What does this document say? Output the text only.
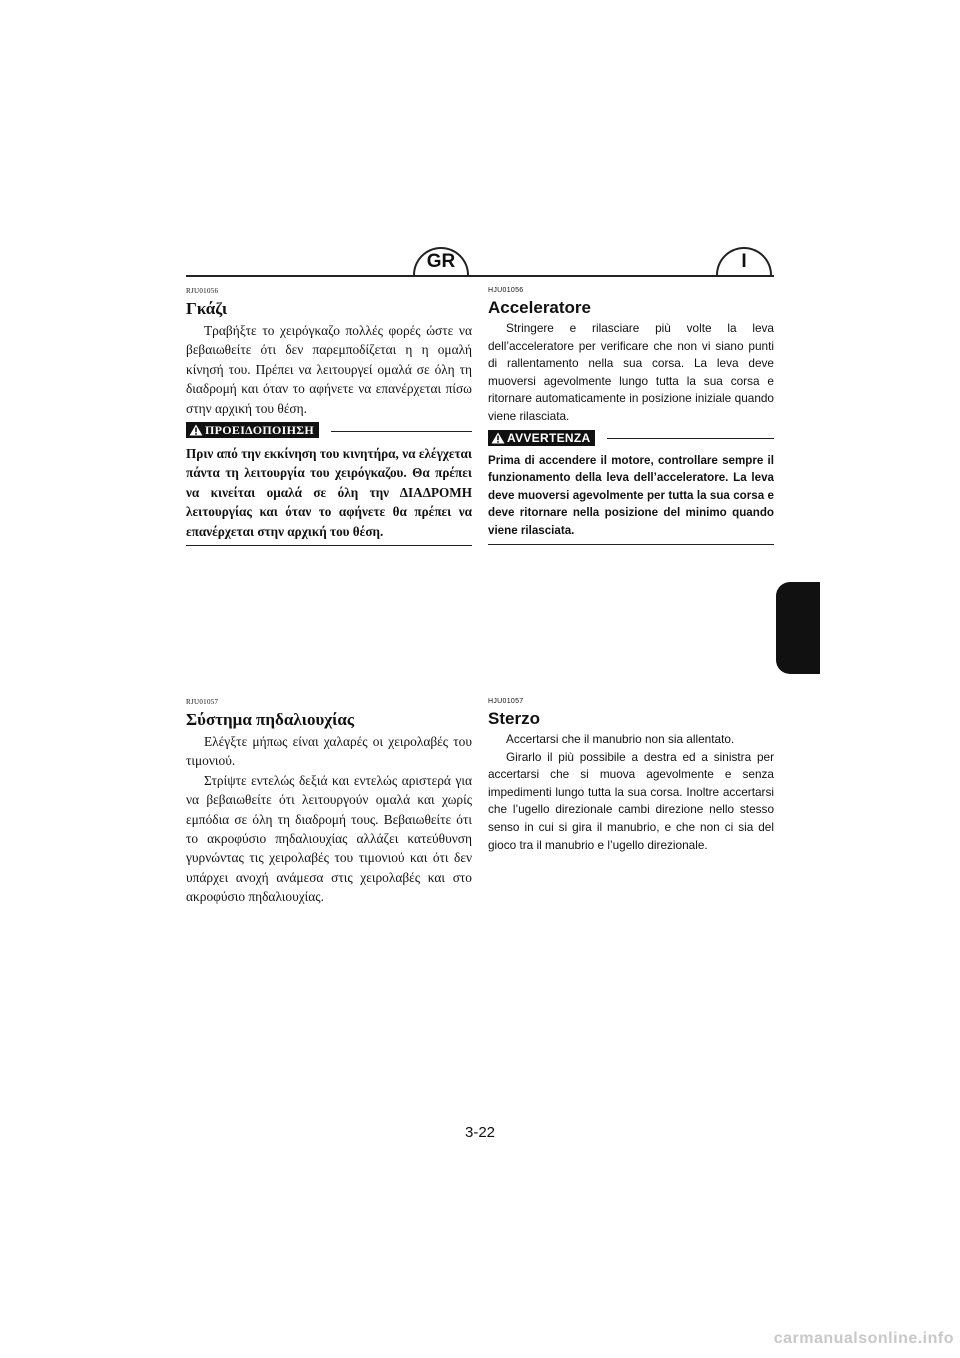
GR	I
RJU01056
Γκάζι

Τραβήξτε το χειρόγκαζο πολλές φορές ώστε να βεβαιωθείτε ότι δεν παρεμποδίζεται η η ομαλή κίνησή του. Πρέπει να λειτουργεί ομαλά σε όλη τη διαδρομή και όταν το αφήνετε να επανέρχεται πίσω στην αρχική του θέση.

ΠΡΟΕΙΔΟΠΟΙΗΣΗ

Πριν από την εκκίνηση του κινητήρα, να ελέγχεται πάντα τη λειτουργία του χειρόγκαζου. Θα πρέπει να κινείται ομαλά σε όλη την ΔΙΑΔΡΟΜΗ λειτουργίας και όταν το αφήνετε θα πρέπει να επανέρχεται στην αρχική του θέση.

HJU01056
Acceleratore

Stringere e rilasciare più volte la leva dell’acceleratore per verificare che non vi siano punti di rallentamento nella sua corsa. La leva deve muoversi agevolmente lungo tutta la sua corsa e ritornare automaticamente in posizione iniziale quando viene rilasciata.

AVVERTENZA

Prima di accendere il motore, controllare sempre il funzionamento della leva dell’acceleratore. La leva deve muoversi agevolmente per tutta la sua corsa e deve ritornare nella posizione del minimo quando viene rilasciata.

RJU01057
Σύστημα πηδαλιουχίας

Ελέγξτε μήπως είναι χαλαρές οι χειρολαβές του τιμονιού.

Στρίψτε εντελώς δεξιά και εντελώς αριστερά για να βεβαιωθείτε ότι λειτουργούν ομαλά και χωρίς εμπόδια σε όλη τη διαδρομή τους. Βεβαιωθείτε ότι το ακροφύσιο πηδαλιουχίας αλλάζει κατεύθυνση γυρνώντας τις χειρολαβές του τιμονιού και ότι δεν υπάρχει ανοχή ανάμεσα στις χειρολαβές και στο ακροφύσιο πηδαλιουχίας.

HJU01057
Sterzo

Accertarsi che il manubrio non sia allentato.

Girarlo il più possibile a destra ed a sinistra per accertarsi che si muova agevolmente e senza impedimenti lungo tutta la sua corsa. Inoltre accertarsi che l’ugello direzionale cambi direzione nello stesso senso in cui si gira il manubrio, e che non ci sia del gioco tra il manubrio e l’ugello direzionale.

3-22
carmanualsonline.info
